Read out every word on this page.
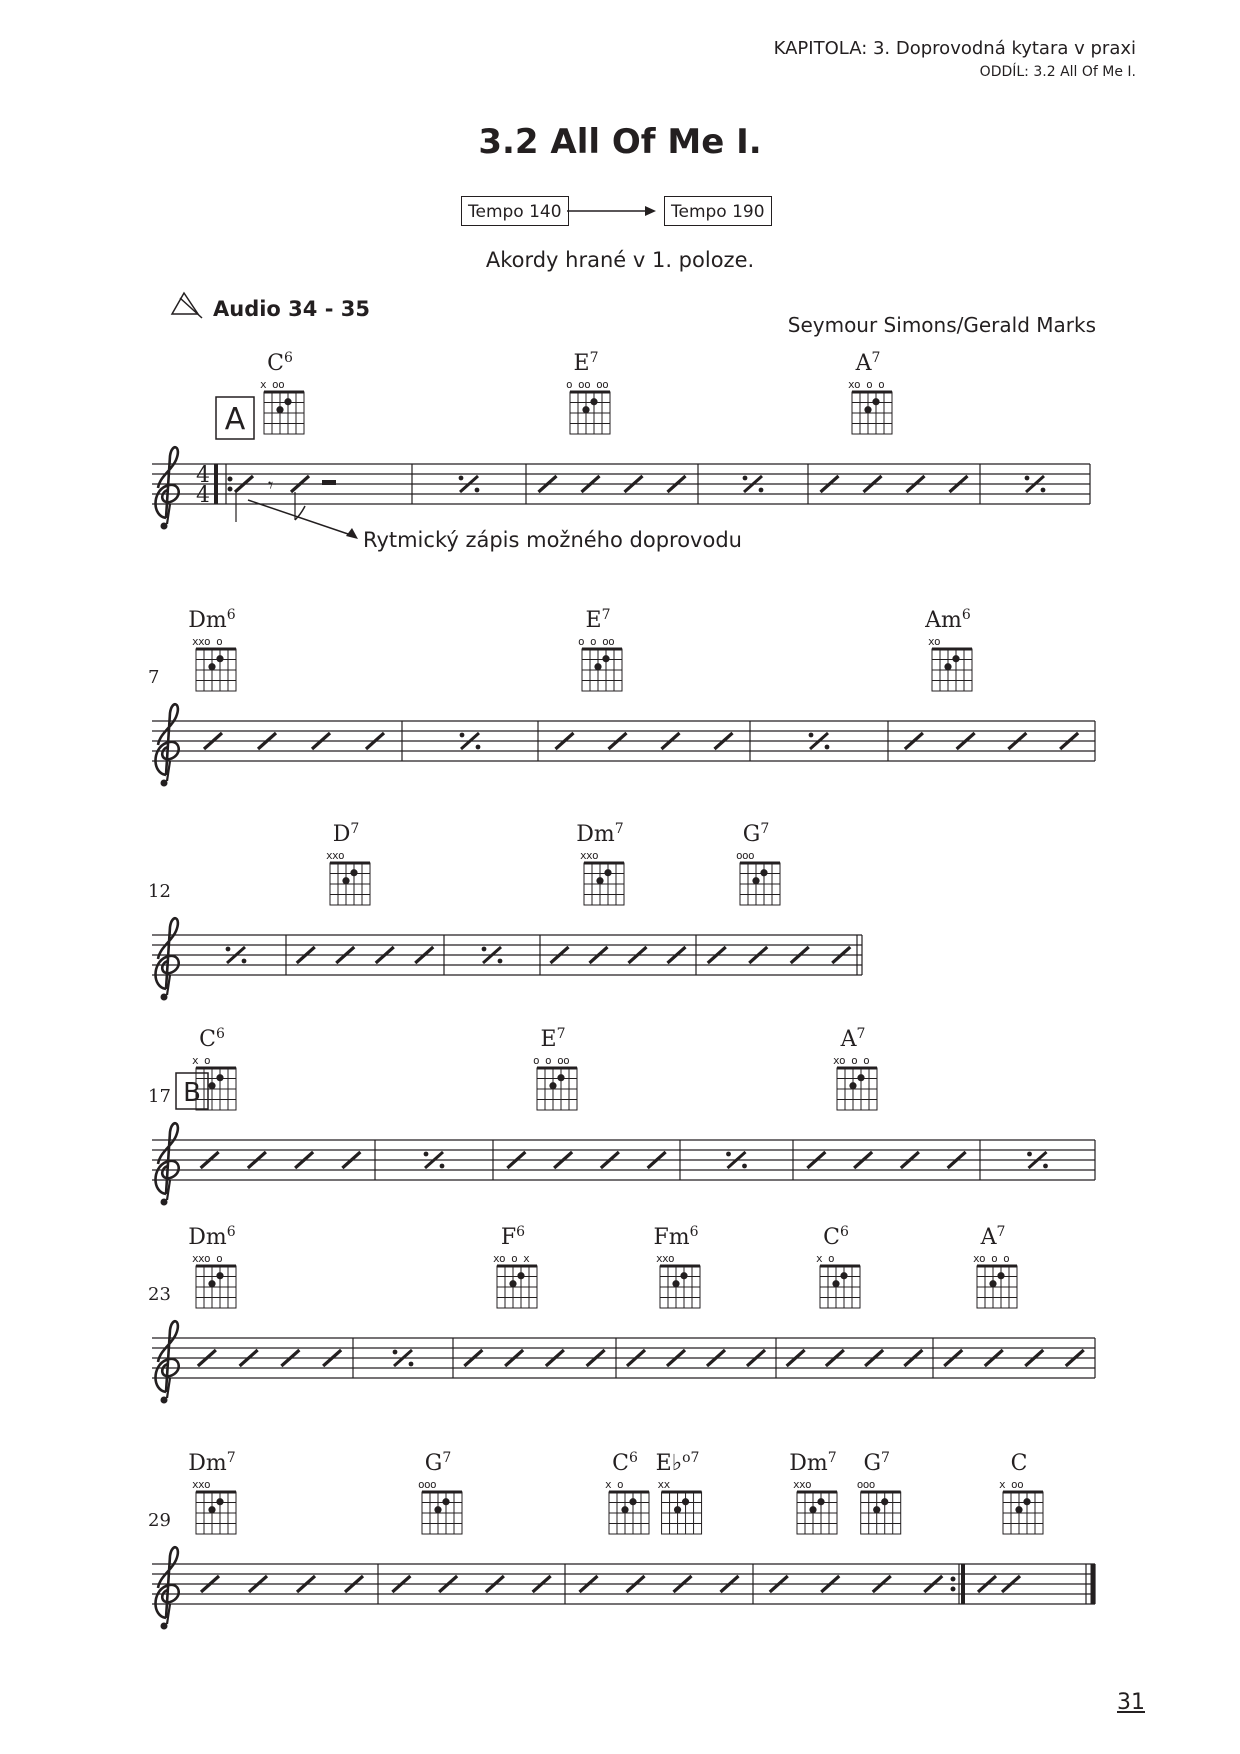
KAPITOLA: 3. Doprovodná kytara v praxi
ODDÍL: 3.2 All Of Me I.
3.2 All Of Me I.
Tempo 140	Tempo 190
Akordy hrané v 1. poloze.
Audio 34 - 35
Seymour Simons/Gerald Marks
Rytmický zápis možného doprovodu
4
4	𝄾
A
$C^6$
x oo
$E^7$
o oo oo
$A^7$
xo o o
7
Dm$^6$
xxo o
$E^7$
o o oo
Am$^6$
xo
12
$D^7$
xxo
Dm$^7$
xxo
$G^7$
ooo
17 B
$C^6$
x o
$E^7$
o o oo
$A^7$
xo o o
23
Dm$^6$
xxo o
$F^6$
xo o x
Fm$^6$
xxo
$C^6$
x o
$A^7$
xo o o
29
Dm$^7$
xxo
$G^7$
ooo
$C^6$
x o
E♭$^{o7}$
xx
Dm$^7$
xxo
$G^7$
ooo
C
x oo
31
